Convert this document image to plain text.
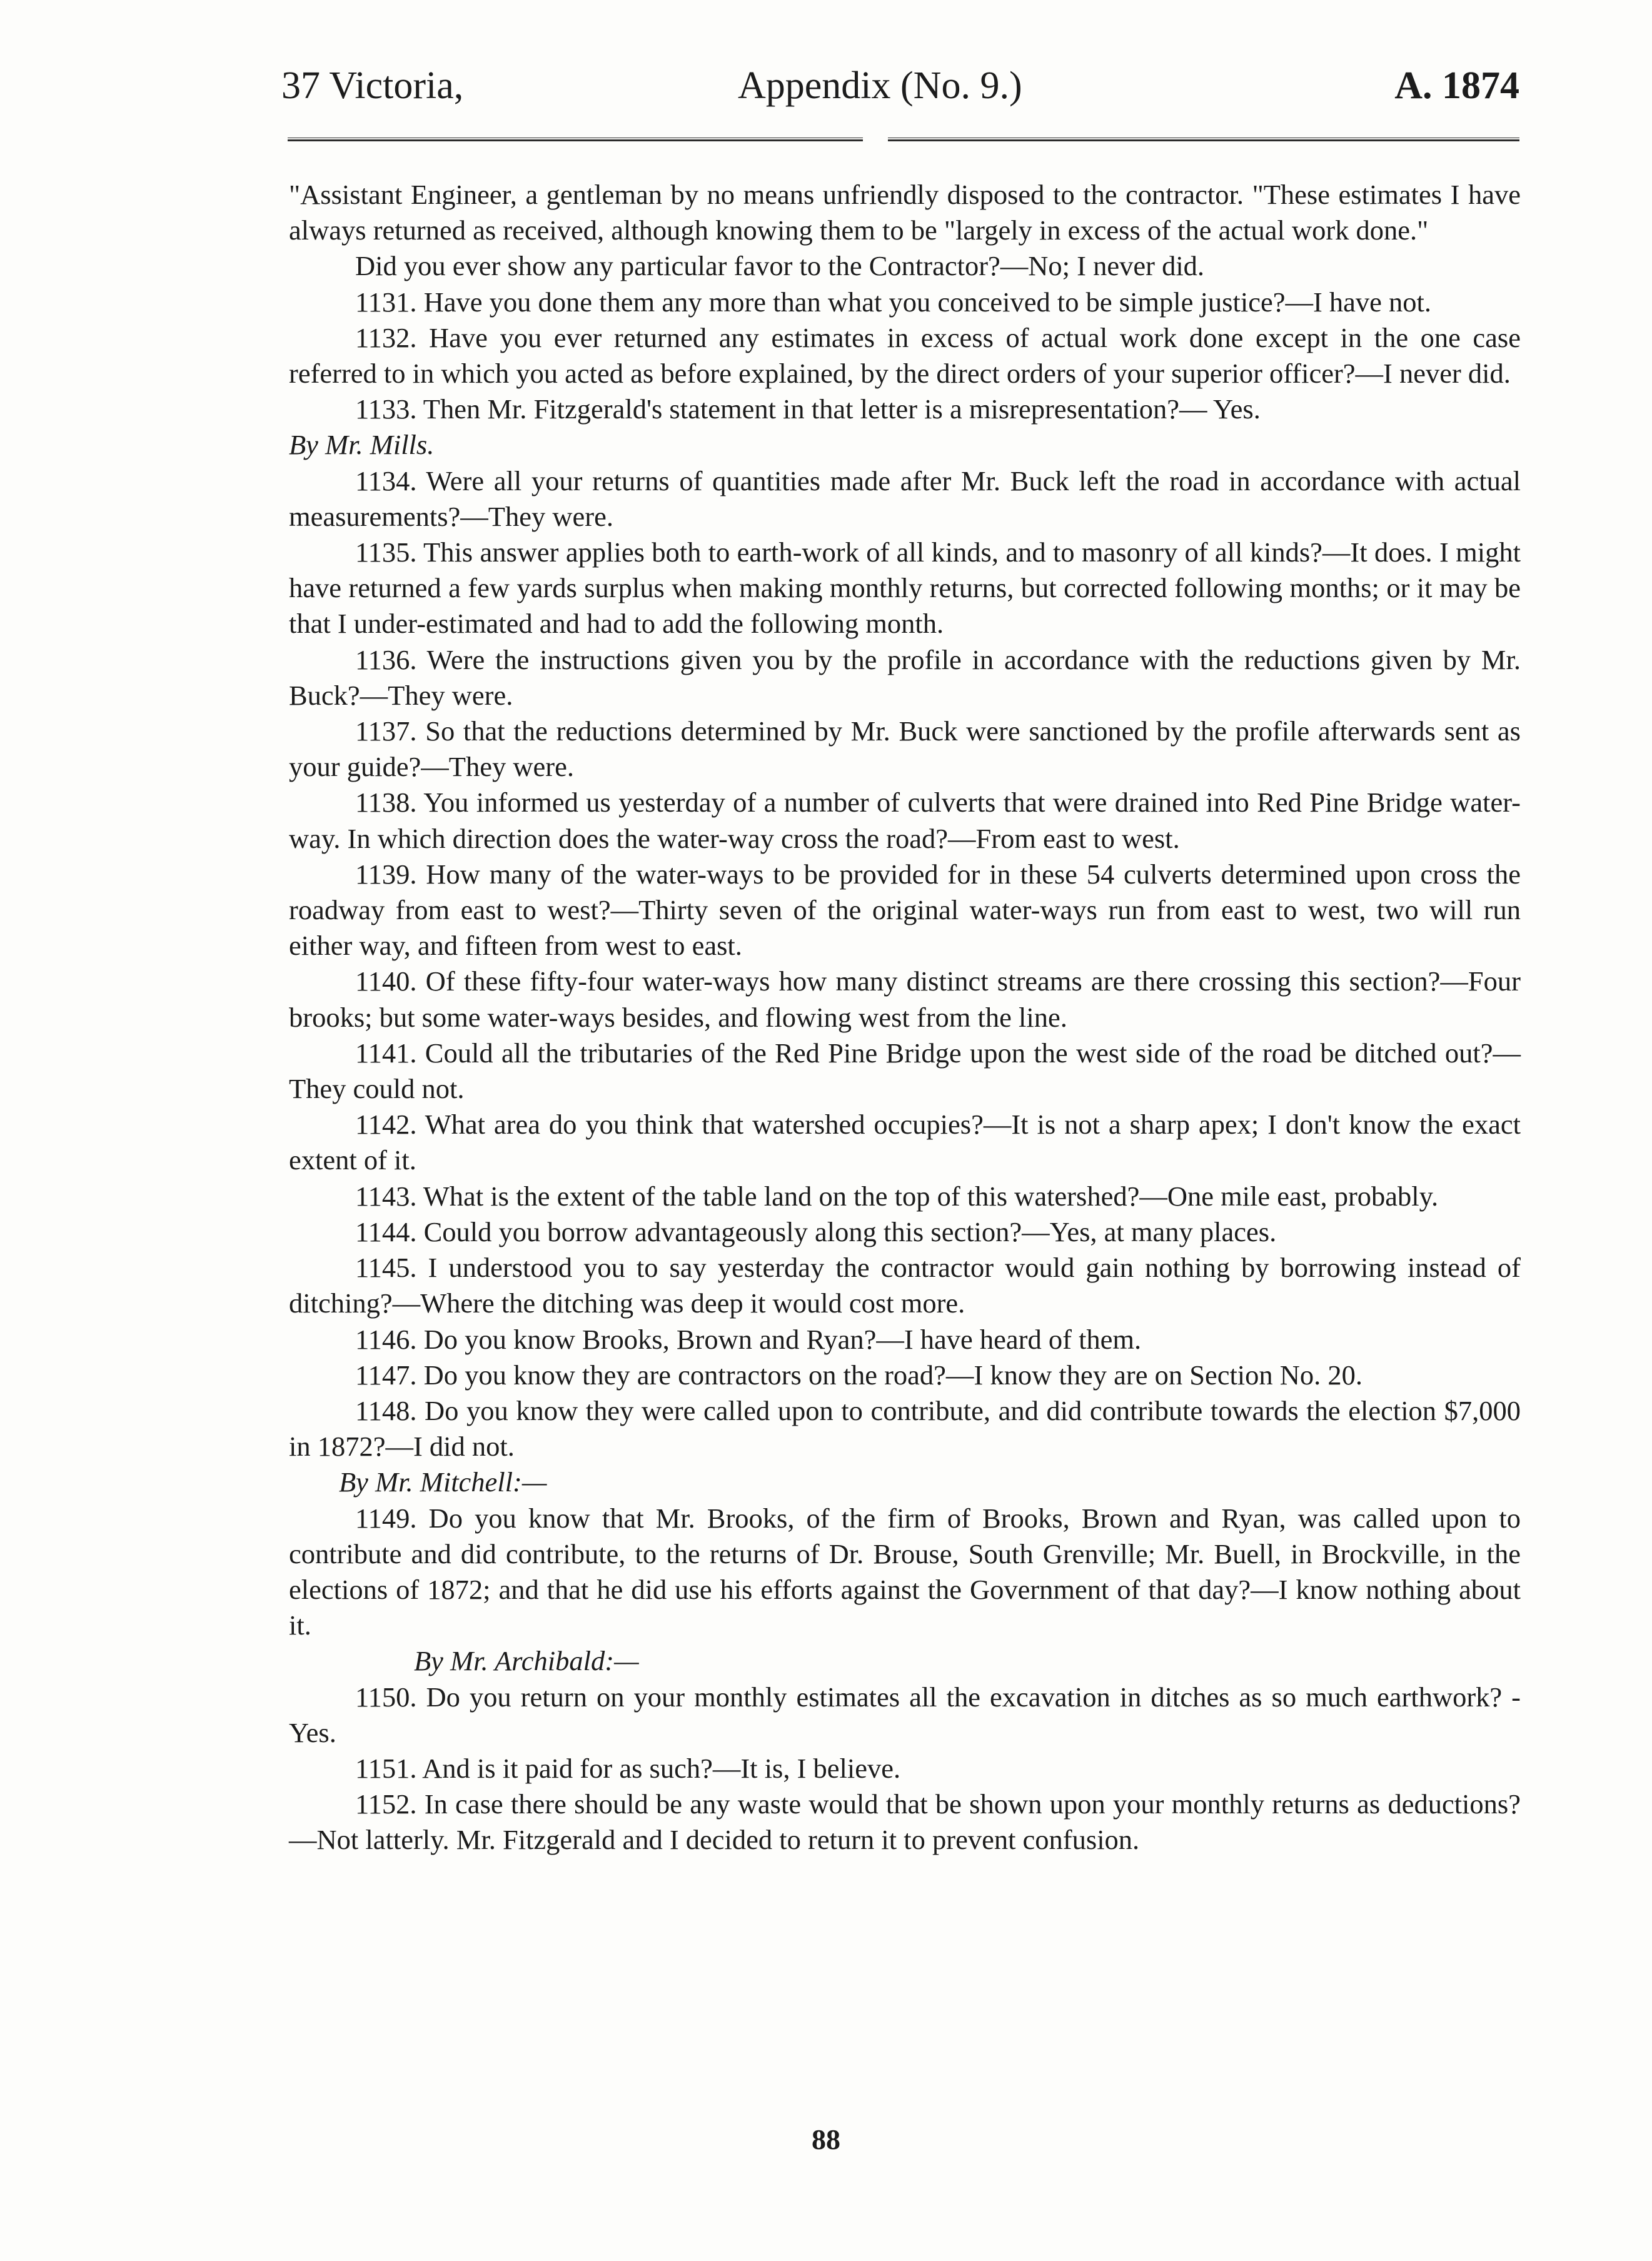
37 Victoria,	Appendix (No. 9.)	A. 1874

"Assistant Engineer, a gentleman by no means unfriendly disposed to the contractor. "These estimates I have always returned as received, although knowing them to be "largely in excess of the actual work done."

Did you ever show any particular favor to the Contractor?—No; I never did.

1131. Have you done them any more than what you conceived to be simple justice?—I have not.

1132. Have you ever returned any estimates in excess of actual work done except in the one case referred to in which you acted as before explained, by the direct orders of your superior officer?—I never did.

1133. Then Mr. Fitzgerald's statement in that letter is a misrepresentation?— Yes.

By Mr. Mills.

1134. Were all your returns of quantities made after Mr. Buck left the road in accordance with actual measurements?—They were.

1135. This answer applies both to earth-work of all kinds, and to masonry of all kinds?—It does. I might have returned a few yards surplus when making monthly returns, but corrected following months; or it may be that I under-estimated and had to add the following month.

1136. Were the instructions given you by the profile in accordance with the reductions given by Mr. Buck?—They were.

1137. So that the reductions determined by Mr. Buck were sanctioned by the profile afterwards sent as your guide?—They were.

1138. You informed us yesterday of a number of culverts that were drained into Red Pine Bridge water-way. In which direction does the water-way cross the road?—From east to west.

1139. How many of the water-ways to be provided for in these 54 culverts determined upon cross the roadway from east to west?—Thirty seven of the original water-ways run from east to west, two will run either way, and fifteen from west to east.

1140. Of these fifty-four water-ways how many distinct streams are there crossing this section?—Four brooks; but some water-ways besides, and flowing west from the line.

1141. Could all the tributaries of the Red Pine Bridge upon the west side of the road be ditched out?— They could not.

1142. What area do you think that watershed occupies?—It is not a sharp apex; I don't know the exact extent of it.

1143. What is the extent of the table land on the top of this watershed?—One mile east, probably.

1144. Could you borrow advantageously along this section?—Yes, at many places.

1145. I understood you to say yesterday the contractor would gain nothing by borrowing instead of ditching?—Where the ditching was deep it would cost more.

1146. Do you know Brooks, Brown and Ryan?—I have heard of them.

1147. Do you know they are contractors on the road?—I know they are on Section No. 20.

1148. Do you know they were called upon to contribute, and did contribute towards the election $7,000 in 1872?—I did not.

By Mr. Mitchell:—

1149. Do you know that Mr. Brooks, of the firm of Brooks, Brown and Ryan, was called upon to contribute and did contribute, to the returns of Dr. Brouse, South Grenville; Mr. Buell, in Brockville, in the elections of 1872; and that he did use his efforts against the Government of that day?—I know nothing about it.

By Mr. Archibald:—

1150. Do you return on your monthly estimates all the excavation in ditches as so much earthwork? - Yes.

1151. And is it paid for as such?—It is, I believe.

1152. In case there should be any waste would that be shown upon your monthly returns as deductions?—Not latterly. Mr. Fitzgerald and I decided to return it to prevent confusion.

88
